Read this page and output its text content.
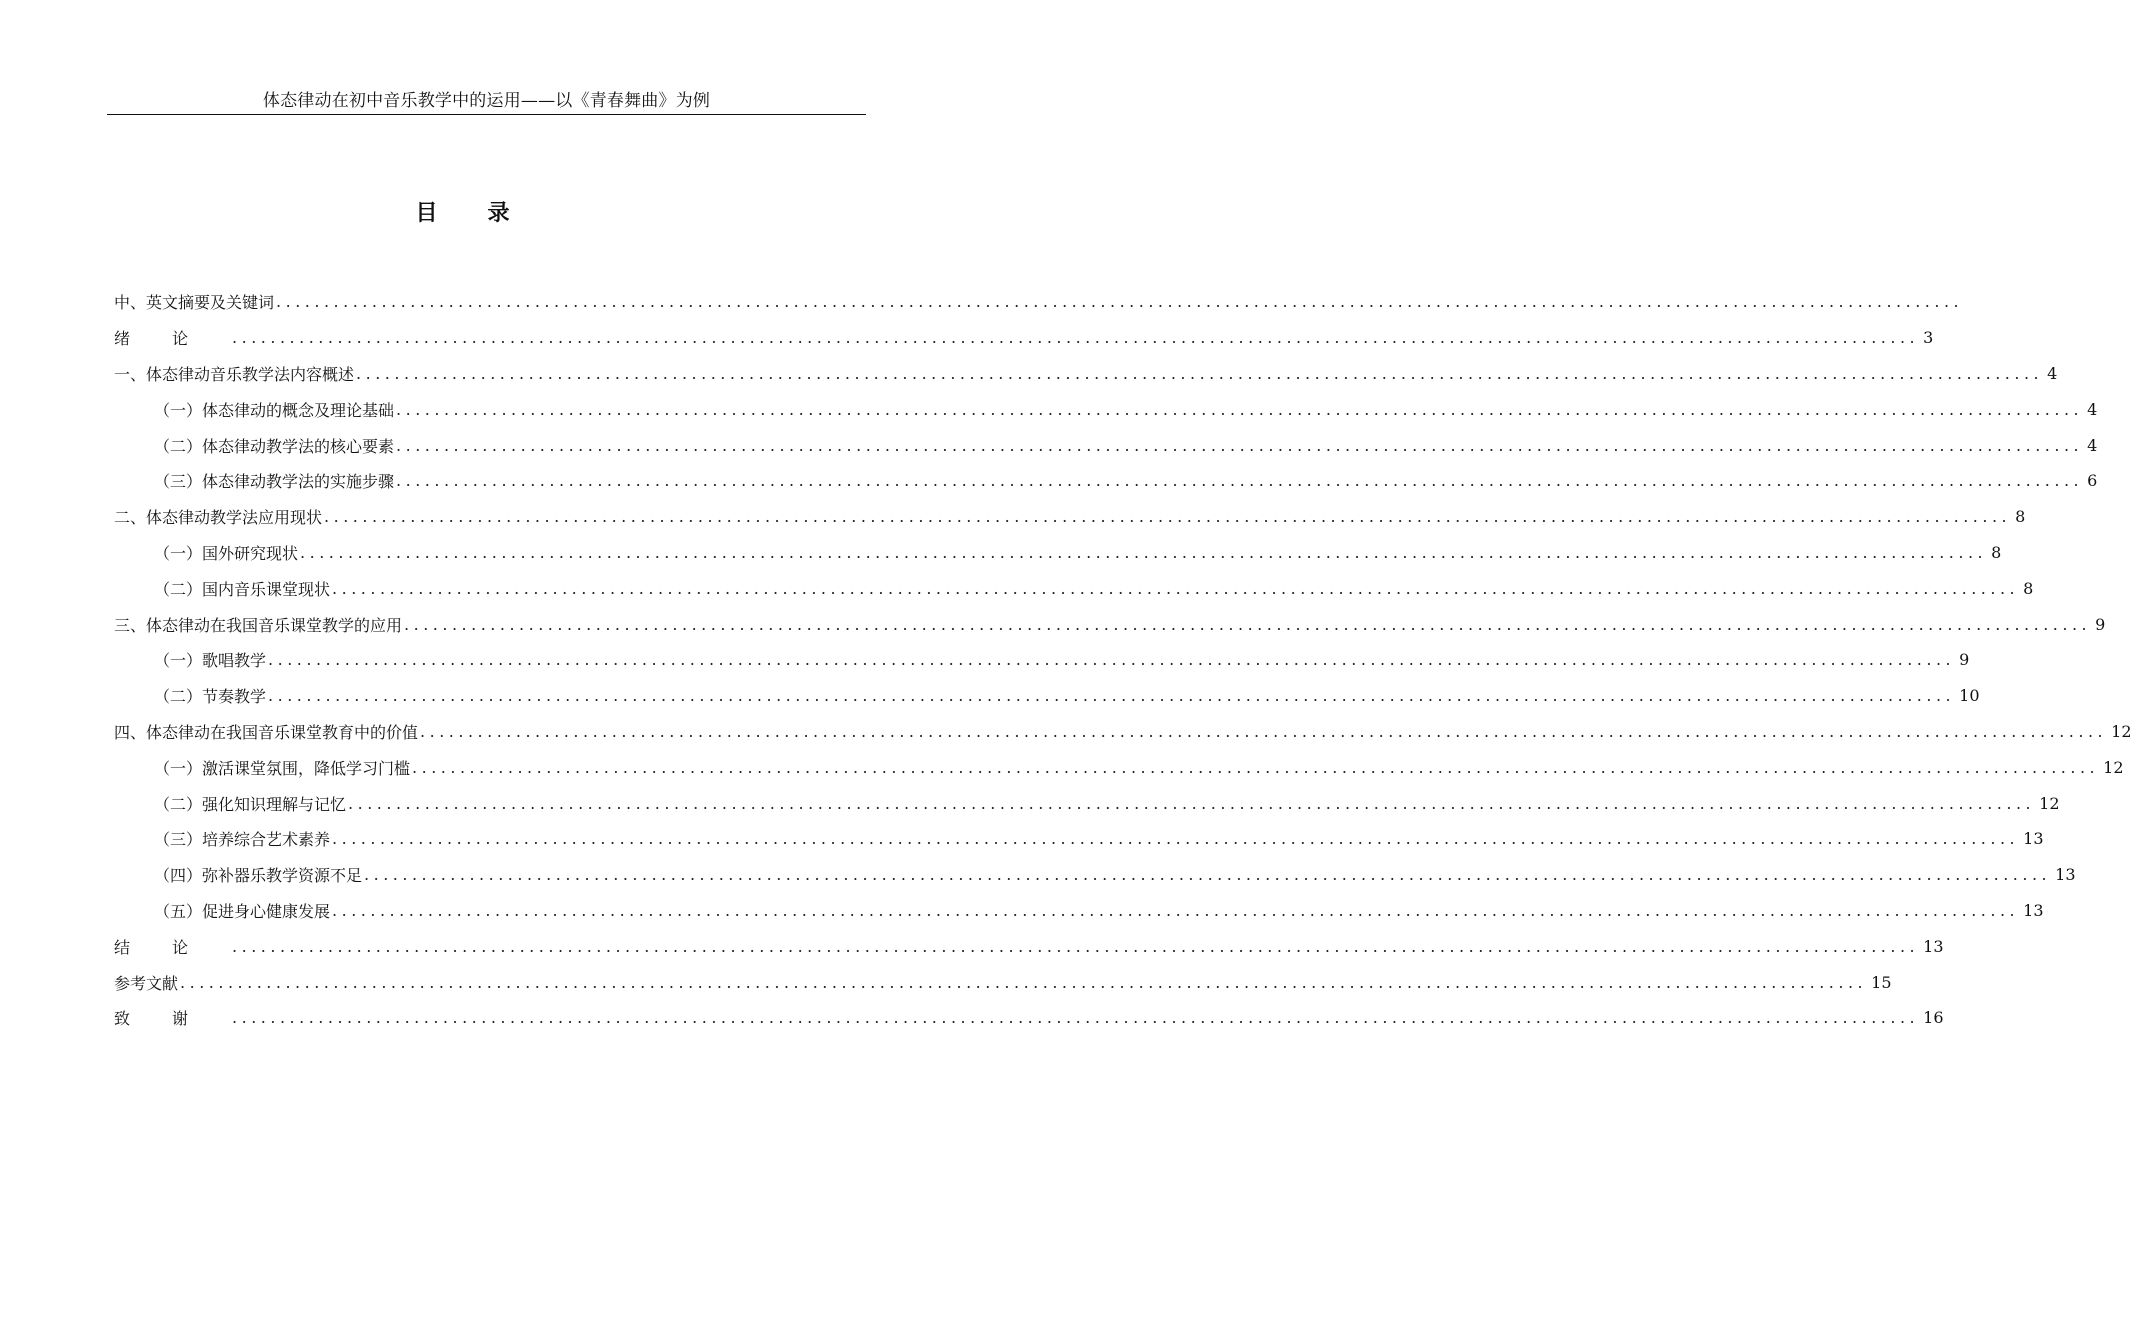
体态律动在初中音乐教学中的运用——以《青春舞曲》为例
目录
中、英文摘要及关键词 ................................................................................................................................................................................
绪论 ................................................................................................................................................................................ 3
一、体态律动音乐教学法内容概述 ................................................................................................................................................................................ 4
（一）体态律动的概念及理论基础 ................................................................................................................................................................................ 4
（二）体态律动教学法的核心要素 ................................................................................................................................................................................ 4
（三）体态律动教学法的实施步骤 ................................................................................................................................................................................ 6
二、体态律动教学法应用现状 ................................................................................................................................................................................ 8
（一）国外研究现状 ................................................................................................................................................................................ 8
（二）国内音乐课堂现状 ................................................................................................................................................................................ 8
三、体态律动在我国音乐课堂教学的应用 ................................................................................................................................................................................ 9
（一）歌唱教学 ................................................................................................................................................................................ 9
（二）节奏教学 ................................................................................................................................................................................ 10
四、体态律动在我国音乐课堂教育中的价值 ................................................................................................................................................................................ 12
（一）激活课堂氛围，降低学习门槛 ................................................................................................................................................................................ 12
（二）强化知识理解与记忆 ................................................................................................................................................................................ 12
（三）培养综合艺术素养 ................................................................................................................................................................................ 13
（四）弥补器乐教学资源不足 ................................................................................................................................................................................ 13
（五）促进身心健康发展 ................................................................................................................................................................................ 13
结论 ................................................................................................................................................................................ 13
参考文献 ................................................................................................................................................................................ 15
致谢 ................................................................................................................................................................................ 16
